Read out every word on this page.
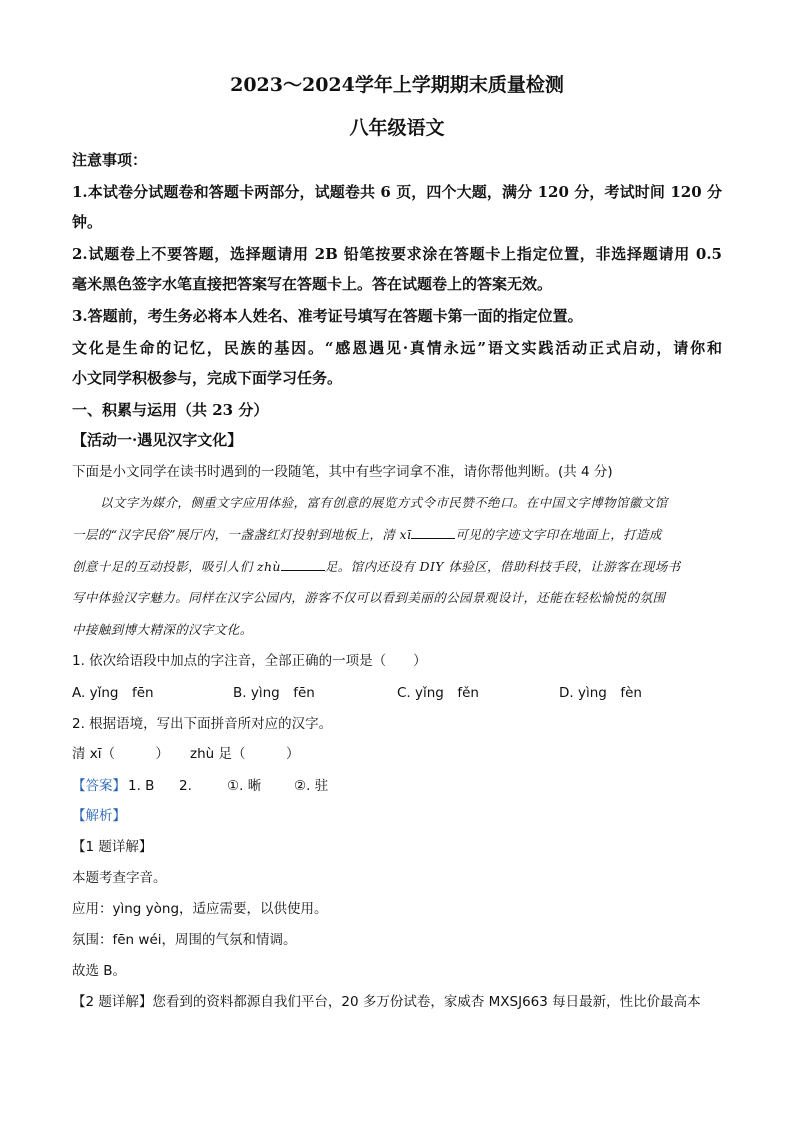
2023～2024学年上学期期末质量检测
八年级语文
注意事项：
1.本试卷分试题卷和答题卡两部分，试题卷共 6 页，四个大题，满分 120 分，考试时间 120 分
钟。
2.试题卷上不要答题，选择题请用 2B 铅笔按要求涂在答题卡上指定位置，非选择题请用 0.5
毫米黑色签字水笔直接把答案写在答题卡上。答在试题卷上的答案无效。
3.答题前，考生务必将本人姓名、准考证号填写在答题卡第一面的指定位置。
文化是生命的记忆，民族的基因。“感恩遇见·真情永远”语文实践活动正式启动，请你和
小文同学积极参与，完成下面学习任务。
一、积累与运用（共 23 分）
【活动一·遇见汉字文化】
下面是小文同学在读书时遇到的一段随笔，其中有些字词拿不准，请你帮他判断。(共 4 分)
以文字为媒介，侧重文字应用体验，富有创意的展览方式令市民赞不绝口。在中国文字博物馆徽文馆
一层的“汉字民俗”展厅内，一盏盏红灯投射到地板上，清 xī	可见的字迹文字印在地面上，打造成
创意十足的互动投影，吸引人们 zhù	足。馆内还设有 DIY 体验区，借助科技手段，让游客在现场书
写中体验汉字魅力。同样在汉字公园内，游客不仅可以看到美丽的公园景观设计，还能在轻松愉悦的氛围
中接触到博大精深的汉字文化。
1. 依次给语段中加点的字注音，全部正确的一项是（　　）
A. yǐng　fēn	B. yìng　fēn	C. yǐng　fěn	D. yìng　fèn
2. 根据语境，写出下面拼音所对应的汉字。
清 xī（　　　） zhù 足（　　　）
【答案】 1. B 2.	①. 晰 ②. 驻
【解析】
【1 题详解】
本题考查字音。
应用：yìng yòng，适应需要，以供使用。
氛围：fēn wéi，周围的气氛和情调。
故选 B。
【2 题详解】您看到的资料都源自我们平台，20 多万份试卷，家威杏 MXSJ663 每日最新，性比价最高本
